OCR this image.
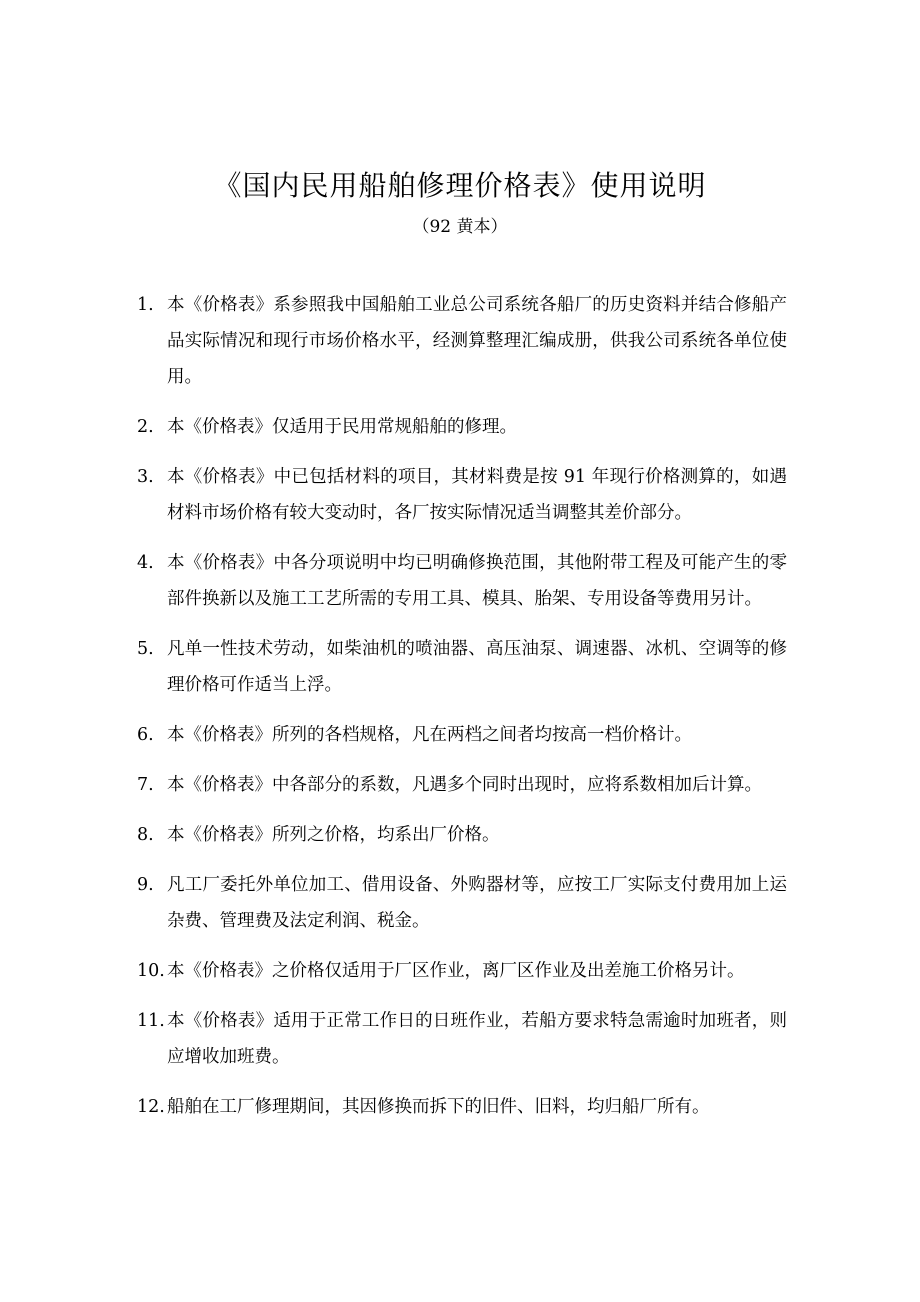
《国内民用船舶修理价格表》使用说明

（92 黄本）

1. 本《价格表》系参照我中国船舶工业总公司系统各船厂的历史资料并结合修船产品实际情况和现行市场价格水平，经测算整理汇编成册，供我公司系统各单位使用。
2. 本《价格表》仅适用于民用常规船舶的修理。
3. 本《价格表》中已包括材料的项目，其材料费是按 91 年现行价格测算的，如遇材料市场价格有较大变动时，各厂按实际情况适当调整其差价部分。
4. 本《价格表》中各分项说明中均已明确修换范围，其他附带工程及可能产生的零部件换新以及施工工艺所需的专用工具、模具、胎架、专用设备等费用另计。
5. 凡单一性技术劳动，如柴油机的喷油器、高压油泵、调速器、冰机、空调等的修理价格可作适当上浮。
6. 本《价格表》所列的各档规格，凡在两档之间者均按高一档价格计。
7. 本《价格表》中各部分的系数，凡遇多个同时出现时，应将系数相加后计算。
8. 本《价格表》所列之价格，均系出厂价格。
9. 凡工厂委托外单位加工、借用设备、外购器材等，应按工厂实际支付费用加上运杂费、管理费及法定利润、税金。
10. 本《价格表》之价格仅适用于厂区作业，离厂区作业及出差施工价格另计。
11. 本《价格表》适用于正常工作日的日班作业，若船方要求特急需逾时加班者，则应增收加班费。
12. 船舶在工厂修理期间，其因修换而拆下的旧件、旧料，均归船厂所有。
